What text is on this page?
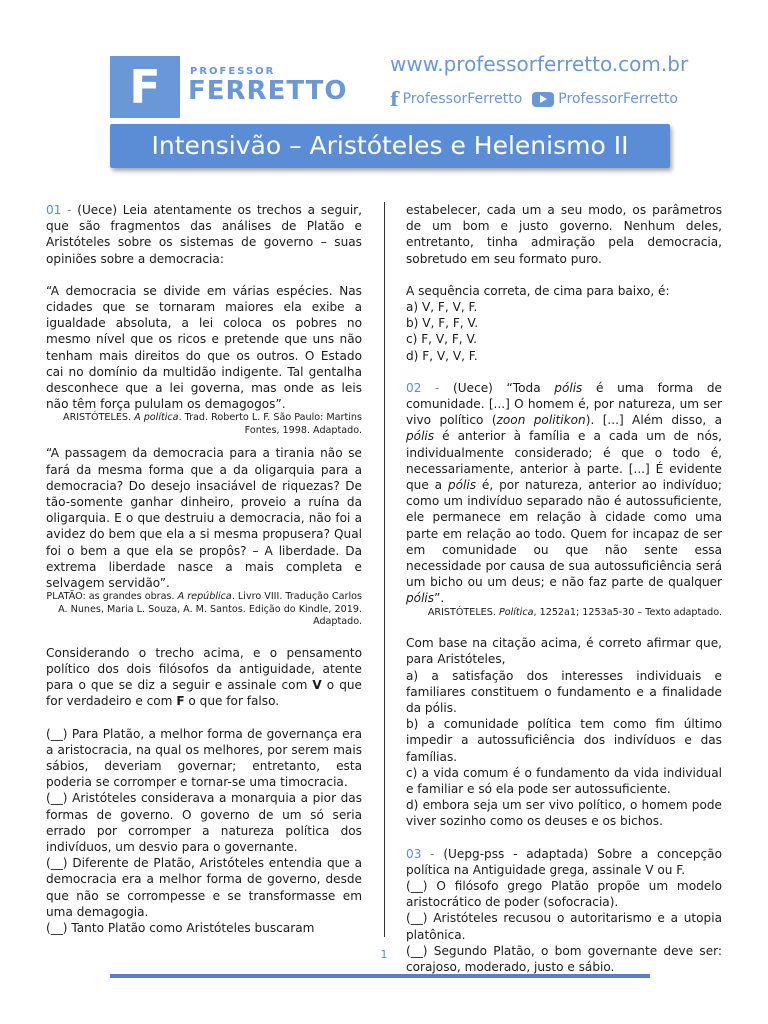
F	PROFESSOR
FERRETTO
www.professorferretto.com.br
f ProfessorFerretto	ProfessorFerretto
Intensivão – Aristóteles e Helenismo II

01 - (Uece) Leia atentamente os trechos a seguir, que são fragmentos das análises de Platão e Aristóteles sobre os sistemas de governo – suas opiniões sobre a democracia:

“A democracia se divide em várias espécies. Nas cidades que se tornaram maiores ela exibe a igualdade absoluta, a lei coloca os pobres no mesmo nível que os ricos e pretende que uns não tenham mais direitos do que os outros. O Estado cai no domínio da multidão indigente. Tal gentalha desconhece que a lei governa, mas onde as leis não têm força pululam os demagogos”.

ARISTÓTELES. A política. Trad. Roberto L. F. São Paulo: Martins Fontes, 1998. Adaptado.

“A passagem da democracia para a tirania não se fará da mesma forma que a da oligarquia para a democracia? Do desejo insaciável de riquezas? De tão-somente ganhar dinheiro, proveio a ruína da oligarquia. E o que destruiu a democracia, não foi a avidez do bem que ela a si mesma propusera? Qual foi o bem a que ela se propôs? – A liberdade. Da extrema liberdade nasce a mais completa e selvagem servidão”.

PLATÃO: as grandes obras. A república. Livro VIII. Tradução Carlos A. Nunes, Maria L. Souza, A. M. Santos. Edição do Kindle, 2019. Adaptado.

Considerando o trecho acima, e o pensamento político dos dois filósofos da antiguidade, atente para o que se diz a seguir e assinale com V o que for verdadeiro e com F o que for falso.

(__) Para Platão, a melhor forma de governança era a aristocracia, na qual os melhores, por serem mais sábios, deveriam governar; entretanto, esta poderia se corromper e tornar-se uma timocracia.

(__) Aristóteles considerava a monarquia a pior das formas de governo. O governo de um só seria errado por corromper a natureza política dos indivíduos, um desvio para o governante.

(__) Diferente de Platão, Aristóteles entendia que a democracia era a melhor forma de governo, desde que não se corrompesse e se transformasse em uma demagogia.

(__) Tanto Platão como Aristóteles buscaram

estabelecer, cada um a seu modo, os parâmetros de um bom e justo governo. Nenhum deles, entretanto, tinha admiração pela democracia, sobretudo em seu formato puro.

A sequência correta, de cima para baixo, é:

a) V, F, V, F.

b) V, F, F, V.

c) F, V, F, V.

d) F, V, V, F.

02 - (Uece) “Toda pólis é uma forma de comunidade. [...] O homem é, por natureza, um ser vivo político (zoon politikon). [...] Além disso, a pólis é anterior à família e a cada um de nós, individualmente considerado; é que o todo é, necessariamente, anterior à parte. [...] É evidente que a pólis é, por natureza, anterior ao indivíduo; como um indivíduo separado não é autossuficiente, ele permanece em relação à cidade como uma parte em relação ao todo. Quem for incapaz de ser em comunidade ou que não sente essa necessidade por causa de sua autossuficiência será um bicho ou um deus; e não faz parte de qualquer pólis”.

ARISTÓTELES. Política, 1252a1; 1253a5-30 – Texto adaptado.

Com base na citação acima, é correto afirmar que, para Aristóteles,

a) a satisfação dos interesses individuais e familiares constituem o fundamento e a finalidade da pólis.

b) a comunidade política tem como fim último impedir a autossuficiência dos indivíduos e das famílias.

c) a vida comum é o fundamento da vida individual e familiar e só ela pode ser autossuficiente.

d) embora seja um ser vivo político, o homem pode viver sozinho como os deuses e os bichos.

03 - (Uepg-pss - adaptada) Sobre a concepção política na Antiguidade grega, assinale V ou F.

(__) O filósofo grego Platão propõe um modelo aristocrático de poder (sofocracia).

(__) Aristóteles recusou o autoritarismo e a utopia platônica.

(__) Segundo Platão, o bom governante deve ser: corajoso, moderado, justo e sábio.

1
